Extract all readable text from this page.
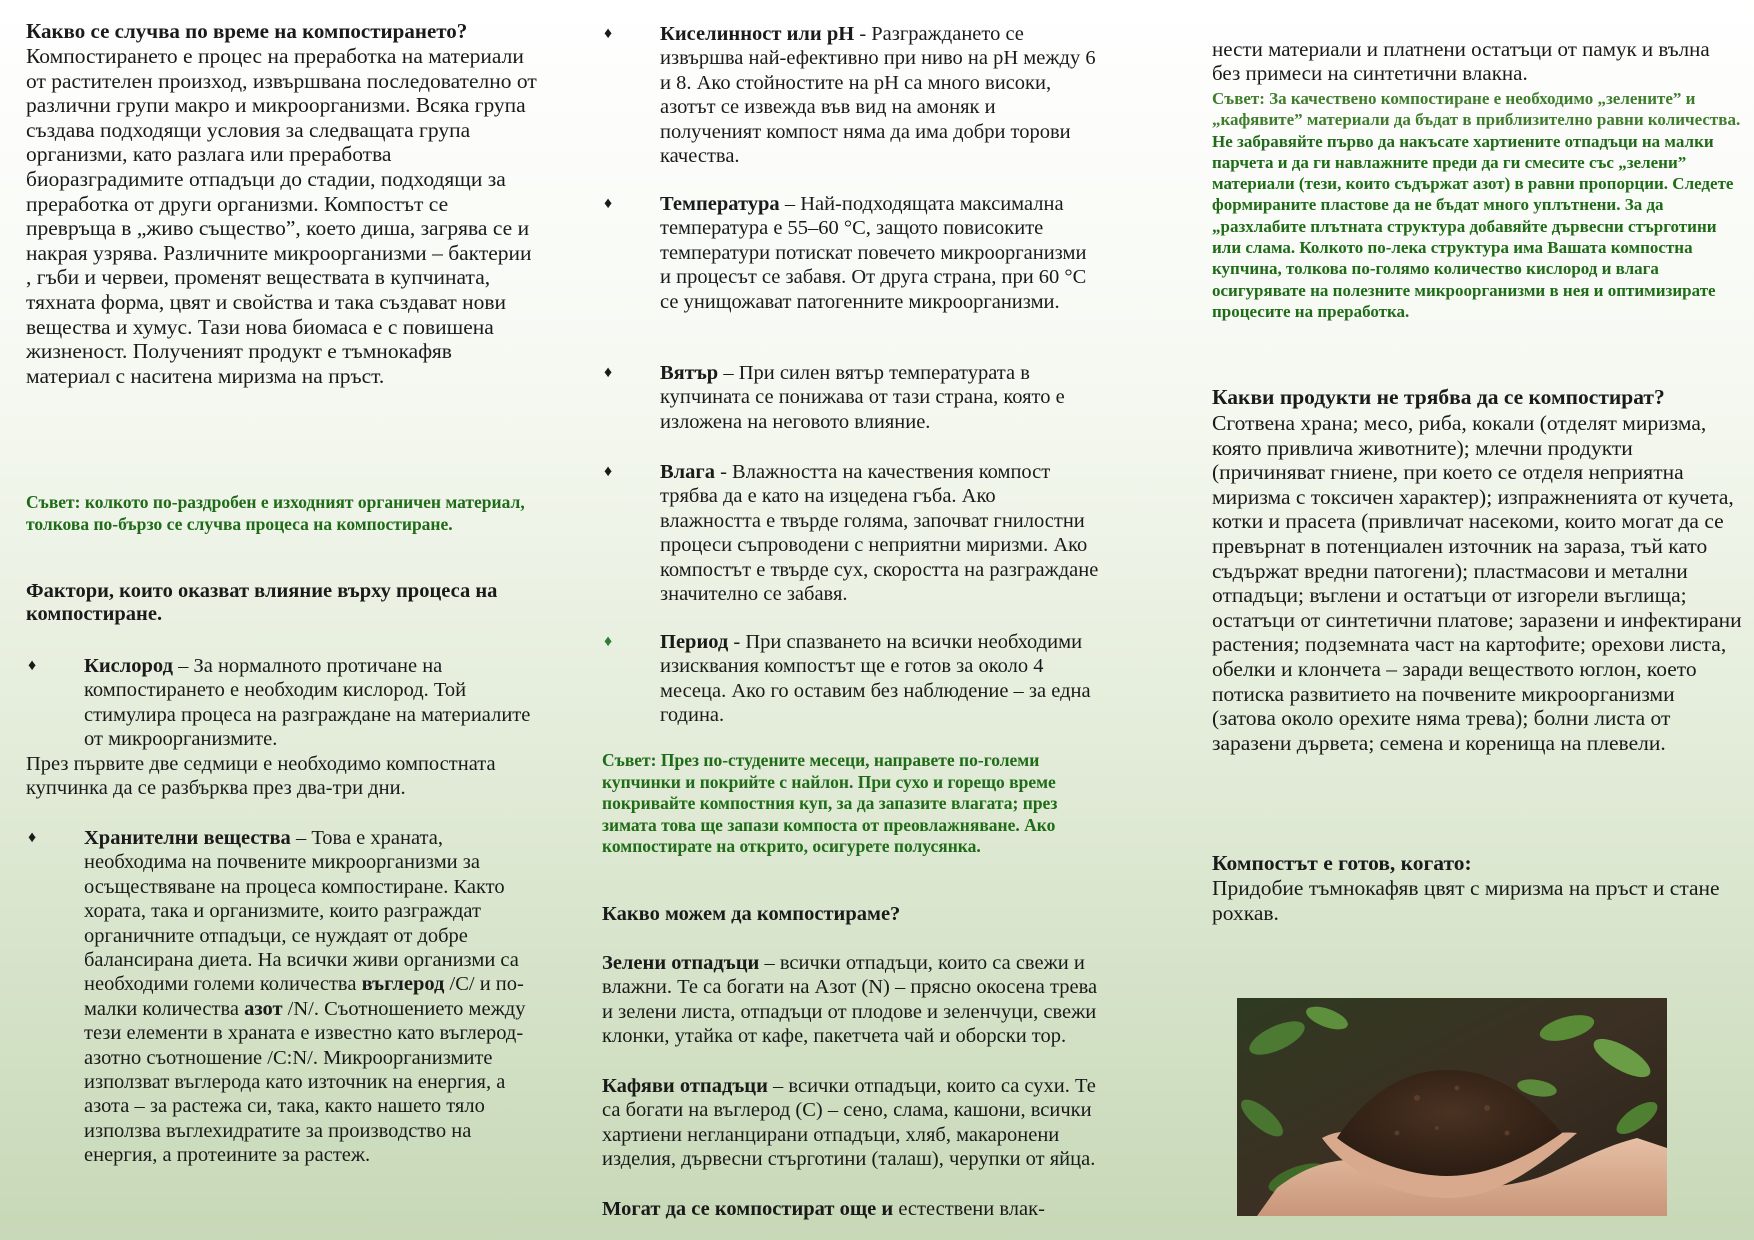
Какво се случва по време на компостирането?

Компостирането е процес на преработка на материали от растителен произход, извършвана последователно от различни групи макро и микроорганизми. Всяка група създава подходящи условия за следващата група организми, като разлага или преработва биоразградимите отпадъци до стадии, подходящи за преработка от други организми. Компостът се превръща в „живо същество”, което диша, загрява се и накрая узрява. Различните микроорганизми – бактерии , гъби и червеи, променят веществата в купчината, тяхната форма, цвят и свойства и така създават нови вещества и хумус. Тази нова биомаса е с повишена жизненост. Полученият продукт е тъмнокафяв материал с наситена миризма на пръст.

Съвет: колкото по-раздробен е изходният органичен материал, толкова по-бързо се случва процеса на компостиране.

Фактори, които оказват влияние върху процеса на компостиране.

♦ Кислород – За нормалното протичане на компостирането е необходим кислород. Той стимулира процеса на разграждане на материалите от микроорганизмите.

През първите две седмици е необходимо компостната купчинка да се разбърква през два-три дни.

♦ Хранителни вещества – Това е храната, необходима на почвените микроорганизми за осъществяване на процеса компостиране. Както хората, така и организмите, които разграждат органичните отпадъци, се нуждаят от добре балансирана диета. На всички живи организми са необходими големи количества въглерод /С/ и по-малки количества азот /N/. Съотношението между тези елементи в храната е известно като въглерод-азотно съотношение /C:N/. Микроорганизмите използват въглерода като източник на енергия, а азота – за растежа си, така, както нашето тяло използва въглехидратите за производство на енергия, а протеините за растеж.

♦ Киселинност или рН - Разграждането се извършва най-ефективно при ниво на рН между 6 и 8. Ако стойностите на рН са много високи, азотът се извежда във вид на амоняк и полученият компост няма да има добри торови качества.

♦ Температура – Най-подходящата максимална температура е 55–60 °С, защото повисоките температури потискат повечето микроорганизми и процесът се забавя. От друга страна, при 60 °С се унищожават патогенните микроорганизми.

♦ Вятър – При силен вятър температурата в купчината се понижава от тази страна, която е изложена на неговото влияние.

♦ Влага - Влажността на качествения компост трябва да е като на изцедена гъба. Ако влажността е твърде голяма, започват гнилостни процеси съпроводени с неприятни миризми. Ако компостът е твърде сух, скоростта на разграждане значително се забавя.

♦ Период - При спазването на всички необходими изисквания компостът ще е готов за около 4 месеца. Ако го оставим без наблюдение – за една година.

Съвет: През по-студените месеци, направете по-големи купчинки и покрийте с найлон. При сухо и горещо време покривайте компостния куп, за да запазите влагата; през зимата това ще запази компоста от преовлажняване. Ако компостирате на открито, осигурете полусянка.

Какво можем да компостираме?

Зелени отпадъци – всички отпадъци, които са свежи и влажни. Те са богати на Азот (N) – прясно окосена трева и зелени листа, отпадъци от плодове и зеленчуци, свежи клонки, утайка от кафе, пакетчета чай и оборски тор.

Кафяви отпадъци – всички отпадъци, които са сухи. Те са богати на въглерод (С) – сено, слама, кашони, всички хартиени негланцирани отпадъци, хляб, макаронени изделия, дървесни стърготини (талаш), черупки от яйца.

Могат да се компостират още и естествени влак-

нести материали и платнени остатъци от памук и вълна без примеси на синтетични влакна.

Съвет: За качествено компостиране е необходимо „зелените” и „кафявите” материали да бъдат в приблизително равни количества. Не забравяйте първо да накъсате хартиените отпадъци на малки парчета и да ги навлажните преди да ги смесите със „зелени” материали (тези, които съдържат азот) в равни пропорции. Следете формираните пластове да не бъдат много уплътнени. За да „разхлабите плътната структура добавяйте дървесни стърготини или слама. Колкото по-лека структура има Вашата компостна купчина, толкова по-голямо количество кислород и влага осигурявате на полезните микроорганизми в нея и оптимизирате процесите на преработка.

Какви продукти не трябва да се компостират?

Сготвена храна; месо, риба, кокали (отделят миризма, която привлича животните); млечни продукти (причиняват гниене, при което се отделя неприятна миризма с токсичен характер); изпражненията от кучета, котки и прасета (привличат насекоми, които могат да се превърнат в потенциален източник на зараза, тъй като съдържат вредни патогени); пластмасови и метални отпадъци; въглени и остатъци от изгорели въглища; остатъци от синтетични платове; заразени и инфектирани растения; подземната част на картофите; орехови листа, обелки и клончета – заради веществото юглон, което потиска развитието на почвените микроорганизми (затова около орехите няма трева); болни листа от заразени дървета; семена и коренища на плевели.

Компостът е готов, когато:

Придобие тъмнокафяв цвят с миризма на пръст и стане рохкав.
